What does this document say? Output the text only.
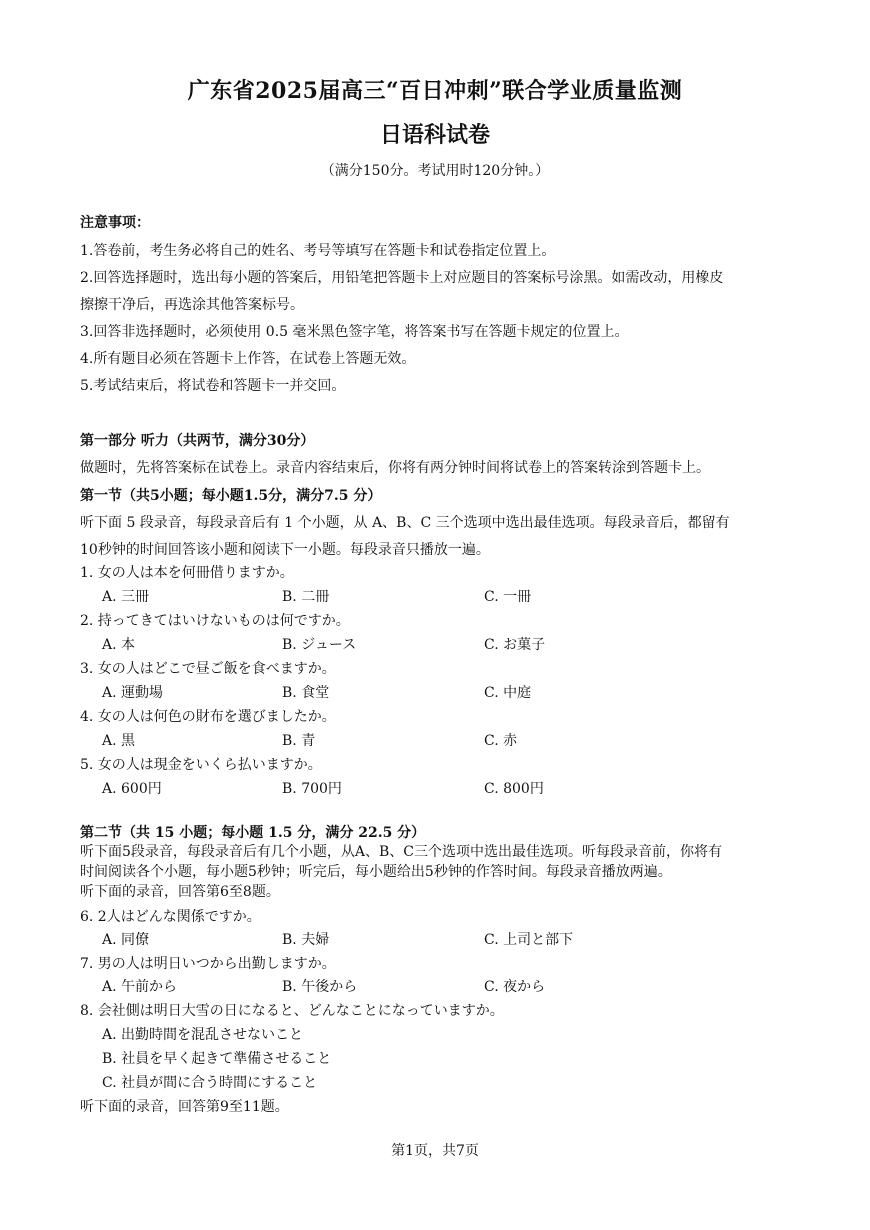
广东省2025届高三“百日冲刺”联合学业质量监测
日语科试卷
（满分150分。考试用时120分钟。）
注意事项：
1.答卷前，考生务必将自己的姓名、考号等填写在答题卡和试卷指定位置上。
2.回答选择题时，选出每小题的答案后，用铅笔把答题卡上对应题目的答案标号涂黑。如需改动，用橡皮
擦擦干净后，再选涂其他答案标号。
3.回答非选择题时，必须使用 0.5 毫米黑色签字笔，将答案书写在答题卡规定的位置上。
4.所有题目必须在答题卡上作答，在试卷上答题无效。
5.考试结束后，将试卷和答题卡一并交回。
第一部分 听力（共两节，满分30分）
做题时，先将答案标在试卷上。录音内容结束后，你将有两分钟时间将试卷上的答案转涂到答题卡上。
第一节（共5小题；每小题1.5分，满分7.5 分）
听下面 5 段录音，每段录音后有 1 个小题，从 A、B、C 三个选项中选出最佳选项。每段录音后，都留有
10秒钟的时间回答该小题和阅读下一小题。每段录音只播放一遍。
1. 女の人は本を何冊借りますか。
A. 三冊	B. 二冊	C. 一冊
2. 持ってきてはいけないものは何ですか。
A. 本	B. ジュース	C. お菓子
3. 女の人はどこで昼ご飯を食べますか。
A. 運動場	B. 食堂	C. 中庭
4. 女の人は何色の財布を選びましたか。
A. 黒	B. 青	C. 赤
5. 女の人は現金をいくら払いますか。
A. 600円	B. 700円	C. 800円
第二节（共 15 小题；每小题 1.5 分，满分 22.5 分）
听下面5段录音，每段录音后有几个小题，从A、B、C三个选项中选出最佳选项。听每段录音前，你将有
时间阅读各个小题，每小题5秒钟；听完后，每小题给出5秒钟的作答时间。每段录音播放两遍。
听下面的录音，回答第6至8题。
6. 2人はどんな関係ですか。
A. 同僚	B. 夫婦	C. 上司と部下
7. 男の人は明日いつから出勤しますか。
A. 午前から	B. 午後から	C. 夜から
8. 会社側は明日大雪の日になると、どんなことになっていますか。
A. 出勤時間を混乱させないこと
B. 社員を早く起きて準備させること
C. 社員が間に合う時間にすること
听下面的录音，回答第9至11题。
第1页，共7页
